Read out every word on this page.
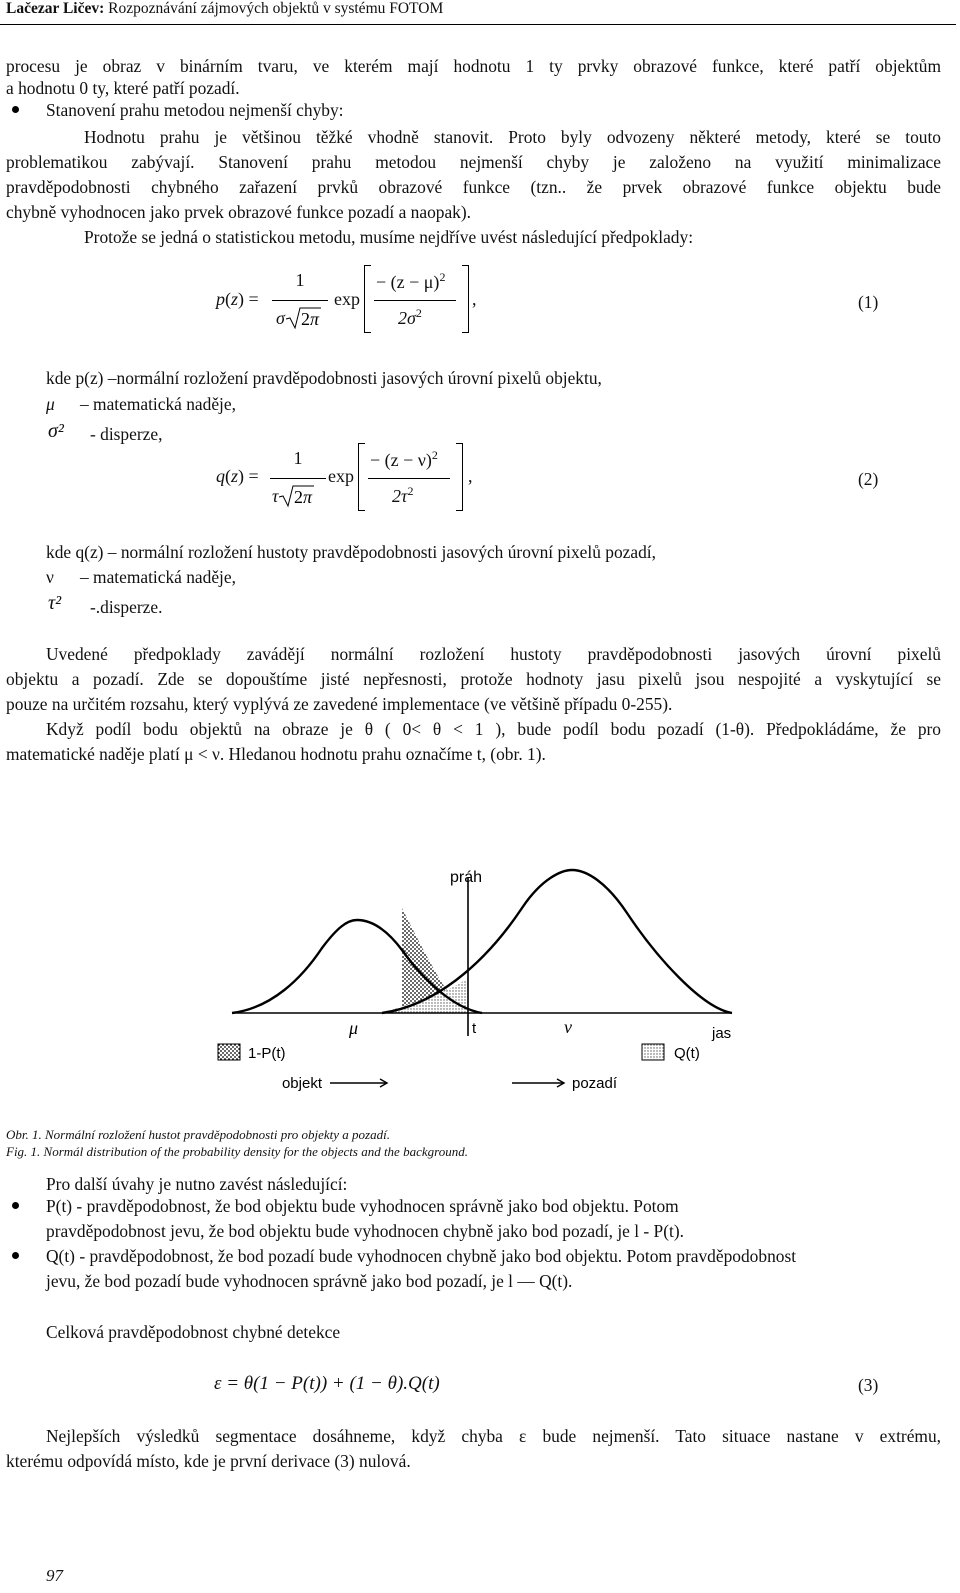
Lačezar Ličev: Rozpoznávání zájmových objektů v systému FOTOM
procesu je obraz v binárním tvaru, ve kterém mají hodnotu 1 ty prvky obrazové funkce, které patří objektům
a hodnotu 0 ty, které patří pozadí.
Stanovení prahu metodou nejmenší chyby:
Hodnotu prahu je většinou těžké vhodně stanovit. Proto byly odvozeny některé metody, které se touto
problematikou zabývají. Stanovení prahu metodou nejmenší chyby je založeno na využití minimalizace
pravděpodobnosti chybného zařazení prvků obrazové funkce (tzn.. že prvek obrazové funkce objektu bude
chybně vyhodnocen jako prvek obrazové funkce pozadí a naopak).
Protože se jedná o statistickou metodu, musíme nejdříve uvést následující předpoklady:
p(z) =
1
σ 2π
exp
− $(z - \mu)^2$
$2\sigma^2$
,	(1)
kde p(z) –normální rozložení pravděpodobnosti jasových úrovní pixelů objektu,
μ – matematická naděje,
σ² - disperze,
q(z) =
1
τ 2π
exp
− $(z - \nu)^2$
$2\tau^2$
,	(2)
kde q(z) – normální rozložení hustoty pravděpodobnosti jasových úrovní pixelů pozadí,
ν – matematická naděje,
τ² -.disperze.
Uvedené předpoklady zavádějí normální rozložení hustoty pravděpodobnosti jasových úrovní pixelů
objektu a pozadí. Zde se dopouštíme jisté nepřesnosti, protože hodnoty jasu pixelů jsou nespojité a vyskytující se
pouze na určitém rozsahu, který vyplývá ze zavedené implementace (ve většině případu 0-255).
Když podíl bodu objektů na obraze je θ ( 0< θ < 1 ), bude podíl bodu pozadí (1-θ). Předpokládáme, že pro
matematické naděje platí μ < ν. Hledanou hodnotu prahu označíme t, (obr. 1).
práh
μ	t	ν	jas
1-P(t)	Q(t)
objekt	pozadí
Obr. 1. Normální rozložení hustot pravděpodobnosti pro objekty a pozadí.
Fig. 1. Normál distribution of the probability density for the objects and the background.
Pro další úvahy je nutno zavést následující:
P(t) - pravděpodobnost, že bod objektu bude vyhodnocen správně jako bod objektu. Potom
pravděpodobnost jevu, že bod objektu bude vyhodnocen chybně jako bod pozadí, je l - P(t).
Q(t) - pravděpodobnost, že bod pozadí bude vyhodnocen chybně jako bod objektu. Potom pravděpodobnost
jevu, že bod pozadí bude vyhodnocen správně jako bod pozadí, je l — Q(t).
Celková pravděpodobnost chybné detekce
ε = θ(1 − P(t)) + (1 − θ).Q(t)	(3)
Nejlepších výsledků segmentace dosáhneme, když chyba ε bude nejmenší. Tato situace nastane v extrému,
kterému odpovídá místo, kde je první derivace (3) nulová.
97
